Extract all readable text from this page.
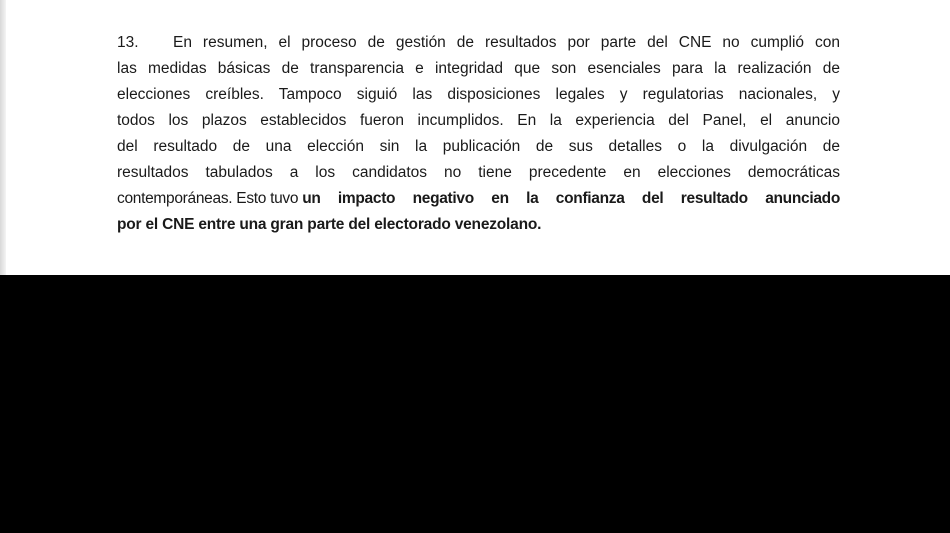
13.	En resumen, el proceso de gestión de resultados por parte del CNE no cumplió con
las medidas básicas de transparencia e integridad que son esenciales para la realización de
elecciones creíbles. Tampoco siguió las disposiciones legales y regulatorias nacionales, y
todos los plazos establecidos fueron incumplidos. En la experiencia del Panel, el anuncio
del resultado de una elección sin la publicación de sus detalles o la divulgación de
resultados tabulados a los candidatos no tiene precedente en elecciones democráticas
contemporáneas. Esto tuvo un impacto negativo en la confianza del resultado anunciado
por el CNE entre una gran parte del electorado venezolano.
